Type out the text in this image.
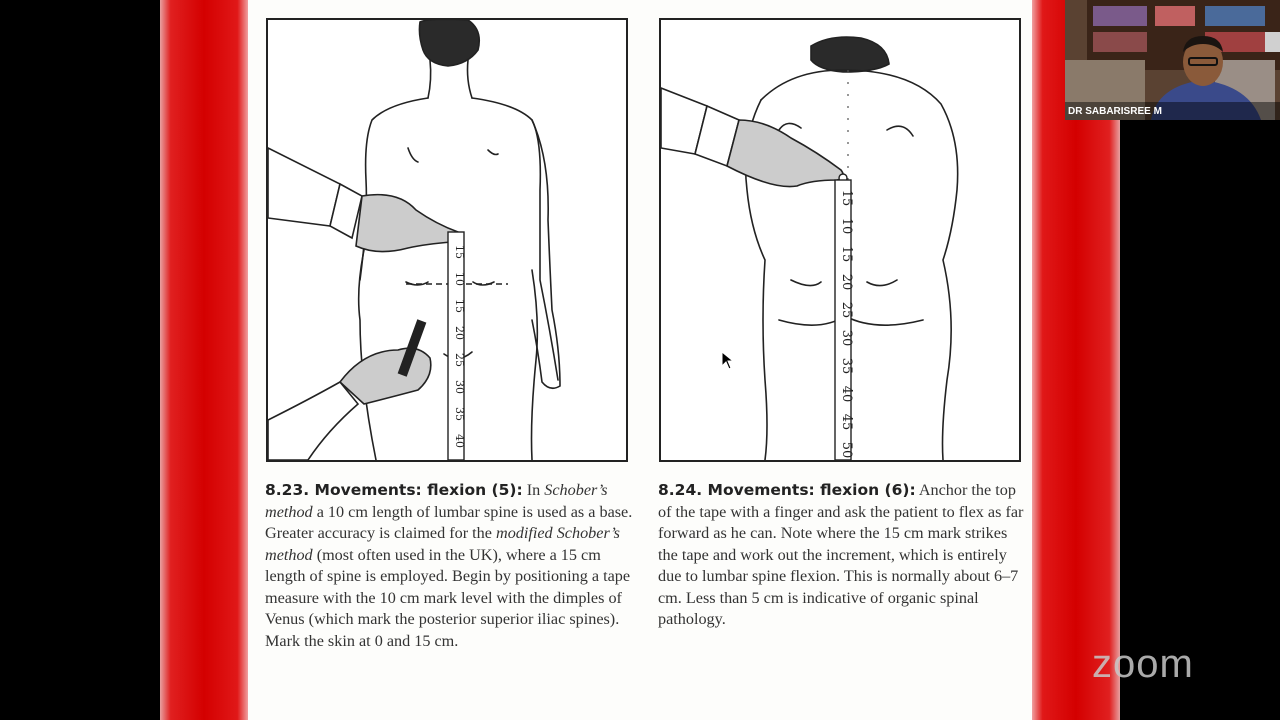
15
10
15
20
25
30
35
40
15
10
15
20
25
30
35
40
45
50
8.23. Movements: flexion (5): In Schober’s method a 10 cm length of lumbar spine is used as a base. Greater accuracy is claimed for the modified Schober’s method (most often used in the UK), where a 15 cm length of spine is employed. Begin by positioning a tape measure with the 10 cm mark level with the dimples of Venus (which mark the posterior superior iliac spines). Mark the skin at 0 and 15 cm.
8.24. Movements: flexion (6): Anchor the top of the tape with a finger and ask the patient to flex as far forward as he can. Note where the 15 cm mark strikes the tape and work out the increment, which is entirely due to lumbar spine flexion. This is normally about 6–7 cm. Less than 5 cm is indicative of organic spinal pathology.
DR SABARISREE M
zoom
